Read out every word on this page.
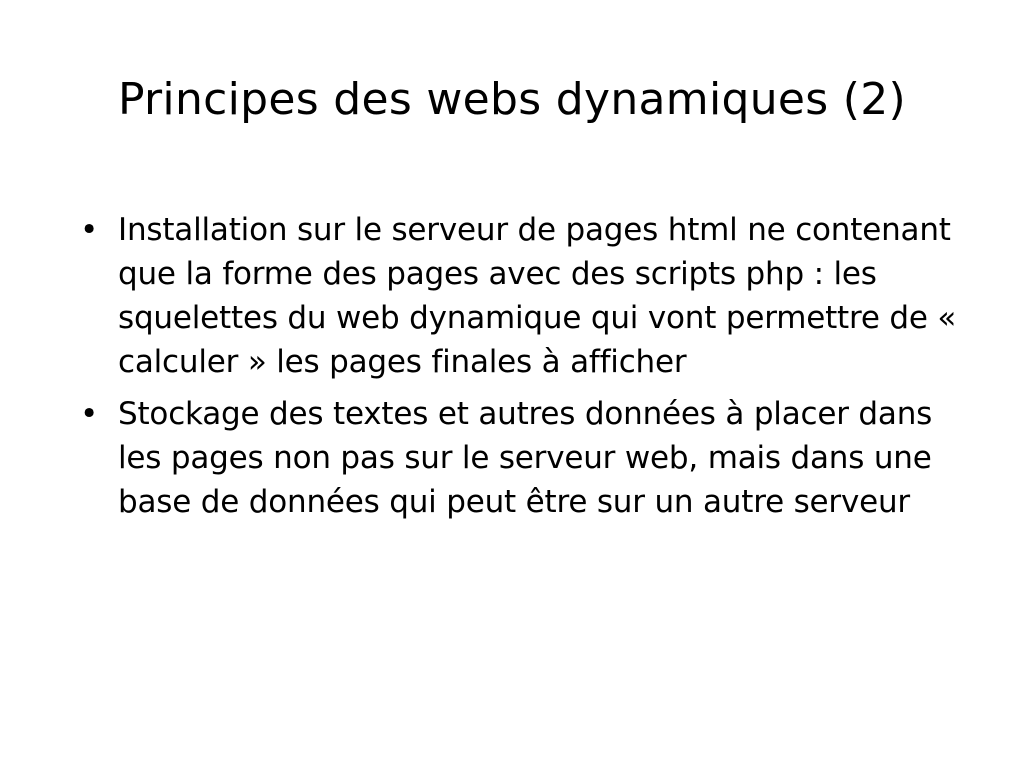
Principes des webs dynamiques (2)
• Installation sur le serveur de pages html ne contenant que la forme des pages avec des scripts php : les squelettes du web dynamique qui vont permettre de « calculer » les pages finales à afficher
• Stockage des textes et autres données à placer dans les pages non pas sur le serveur web, mais dans une base de données qui peut être sur un autre serveur
